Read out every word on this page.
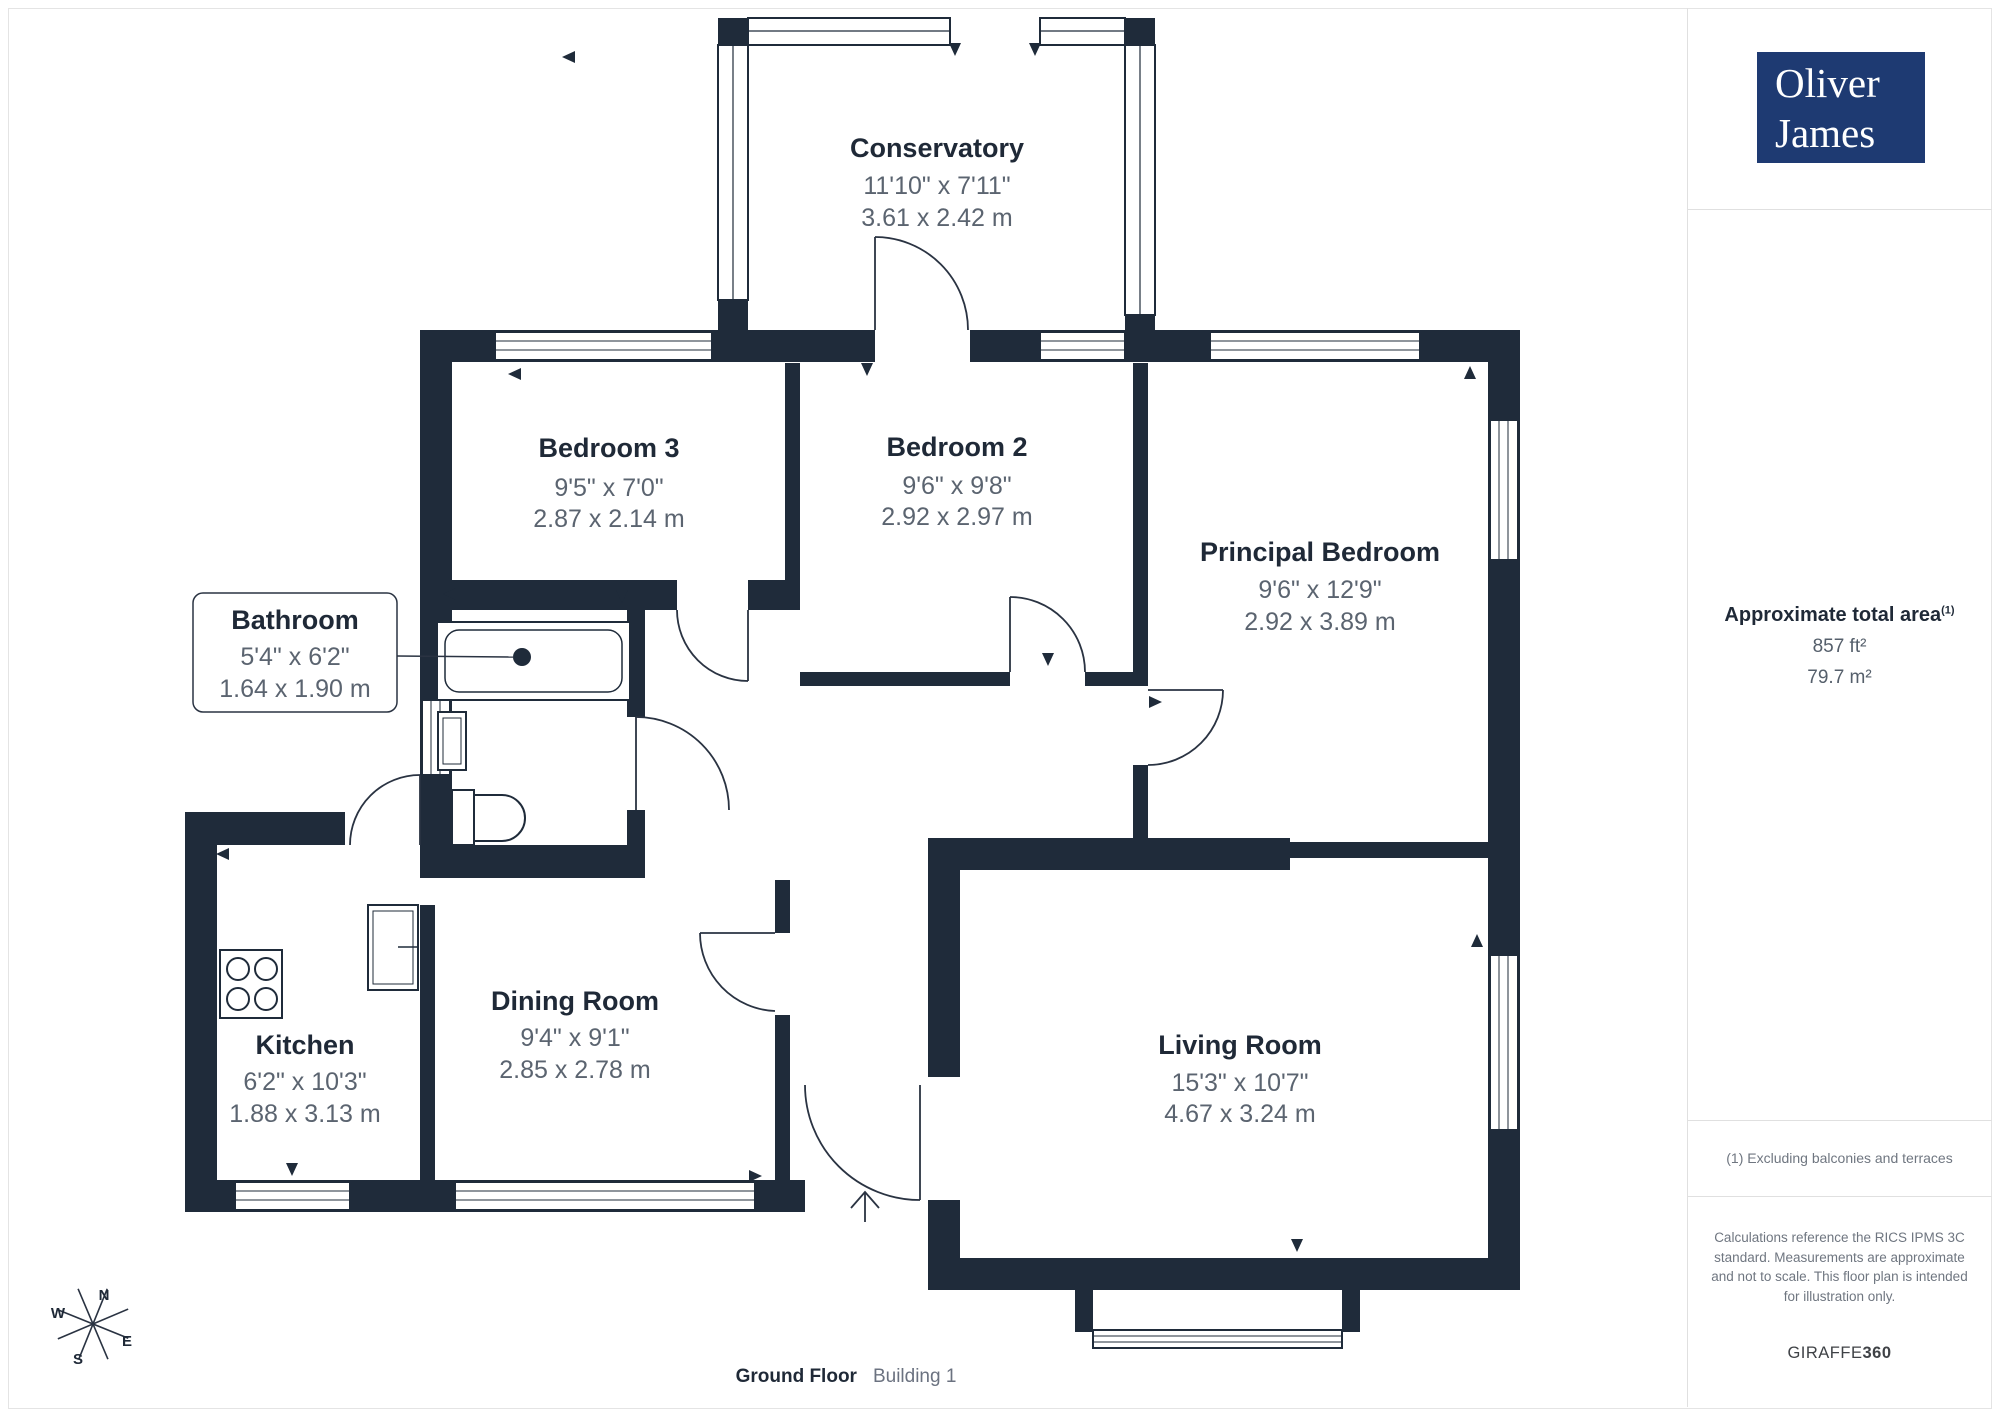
Bathroom
5'4" x 6'2"
1.64 x 1.90 m
Conservatory
11'10" x 7'11"
3.61 x 2.42 m
Bedroom 3
9'5" x 7'0"
2.87 x 2.14 m
Bedroom 2
9'6" x 9'8"
2.92 x 2.97 m
Principal Bedroom
9'6" x 12'9"
2.92 x 3.89 m
Kitchen
6'2" x 10'3"
1.88 x 3.13 m
Dining Room
9'4" x 9'1"
2.85 x 2.78 m
Living Room
15'3" x 10'7"
4.67 x 3.24 m
N
W
E
S
Oliver
James
Approximate total area$^{(1)}$
857 ft²
79.7 m²
(1) Excluding balconies and terraces
Calculations reference the RICS IPMS 3C standard. Measurements are approximate and not to scale. This floor plan is intended for illustration only.
GIRAFFE360
Ground Floor Building 1
